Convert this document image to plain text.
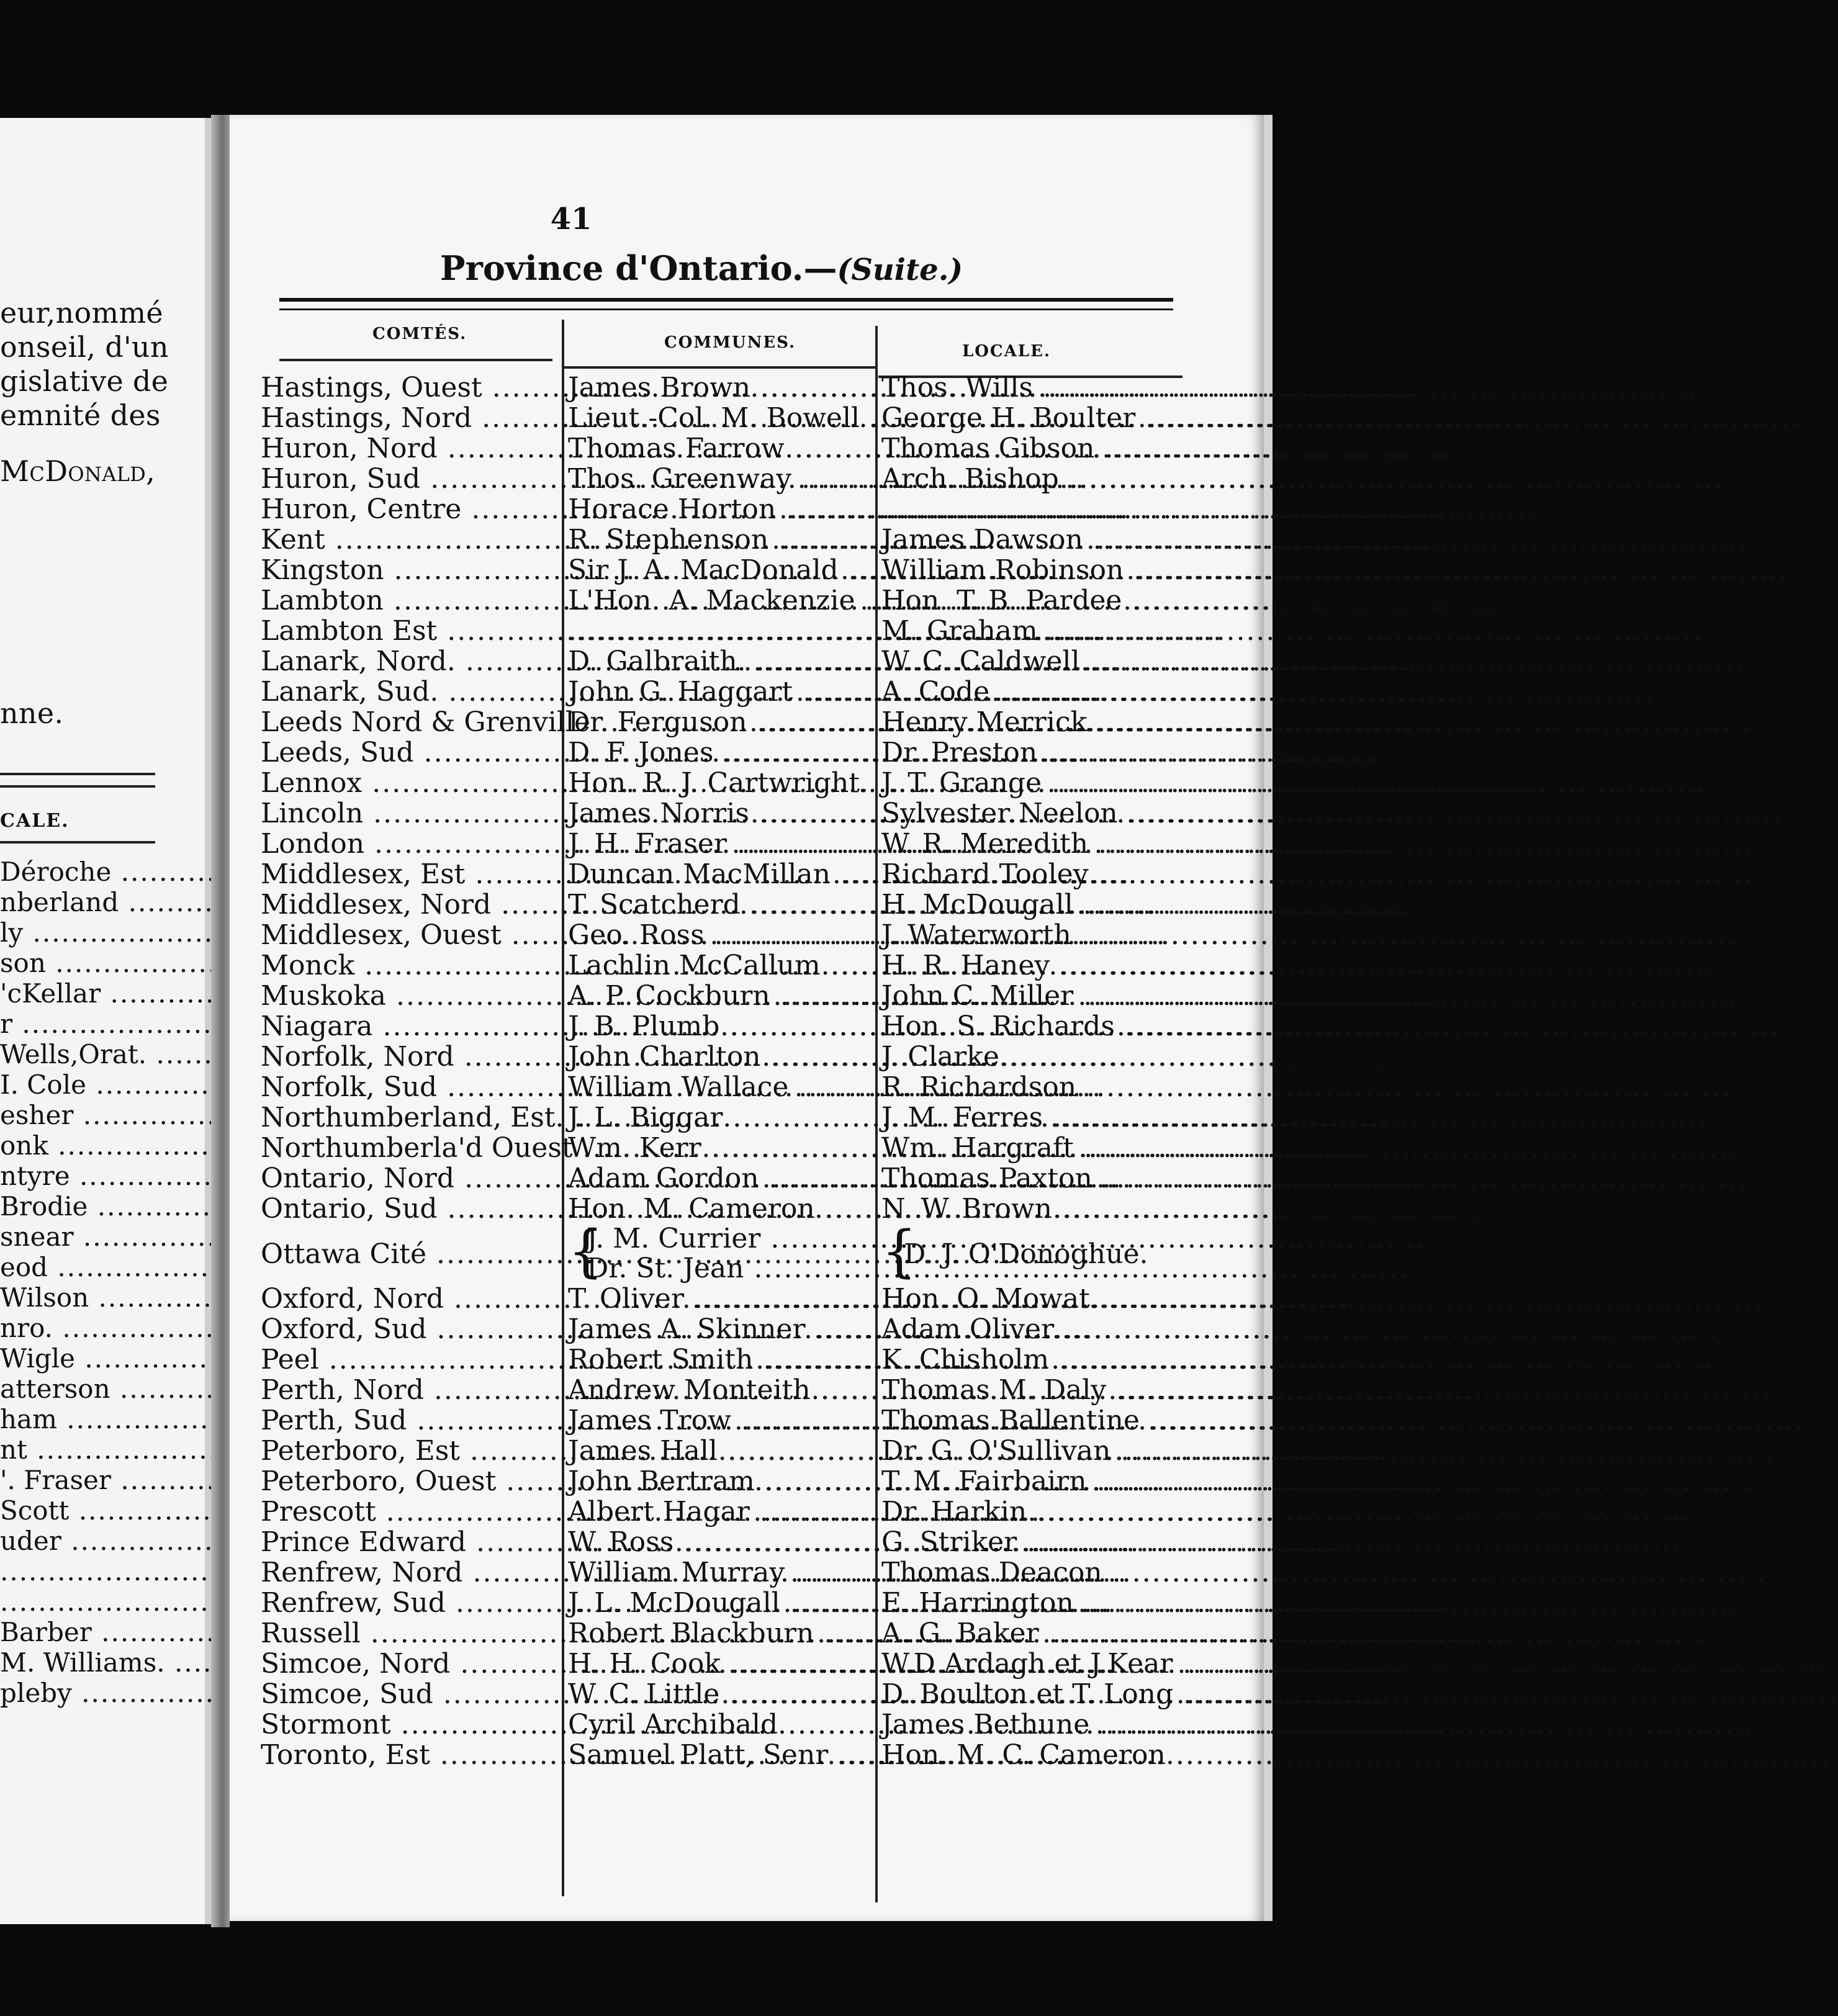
eur,nommé
onseil, d'un
gislative de
emnité des
McDonald,
nne.
CALE.
Déroche .....
nberland .....
ly .....
son .....
'cKellar .....
r .....
Wells,Orat. .....
I. Cole .....
esher .....
onk .....
ntyre .....
Brodie .....
snear .....
eod .....
Wilson .....
nro. .....
Wigle .....
atterson .....
ham .....
nt .....
'. Fraser .....
Scott .....
uder .....
.....
.....
Barber .....
M. Williams. .....
pleby .....
41
Province d'Ontario.—(Suite.)
COMTÉS.	COMMUNES.	LOCALE.
Hastings, Ouest .....	James Brown .....	Thos. Wills .....
Hastings, Nord .....	Lieut.-Col. M. Bowell ..... George H. Boulter .....
Huron, Nord .....	Thomas Farrow .....	Thomas Gibson .....
Huron, Sud .....	Thos. Greenway .....	Arch. Bishop .....
Huron, Centre .....	Horace Horton .....
.....
Kent .....	R. Stephenson .....	James Dawson .....
Kingston .....	Sir J. A. MacDonald .....	William Robinson .....
Lambton .....	L'Hon. A. Mackenzie ..... Hon. T. B. Pardee .....
Lambton Est .....
.....	M. Graham .....
Lanark, Nord. .....	D. Galbraith. .....	W. C. Caldwell .....
Lanark, Sud. .....	John G. Haggart .....	A. Code .....
Leeds Nord & Grenville .....
Dr. Ferguson .....	Henry Merrick .....
Leeds, Sud .....	D. F. Jones .....	Dr. Preston .....
Lennox .....	Hon. R. J. Cartwright. ..... J. T. Grange .....
Lincoln .....	James Norris .....	Sylvester Neelon .....
London .....	J. H. Fraser .....	W. R. Meredith .....
Middlesex, Est .....	Duncan MacMillan .....	Richard Tooley .....
Middlesex, Nord .....	T. Scatcherd .....	H. McDougall .....
Middlesex, Ouest .....	Geo. Ross .....	J. Waterworth .....
Monck .....	Lachlin McCallum .....	H. R. Haney .....
Muskoka .....	A. P. Cockburn .....	John C. Miller .....
Niagara .....	J. B. Plumb .....	Hon. S. Richards .....
Norfolk, Nord .....	John Charlton .....	J. Clarke .....
Norfolk, Sud .....	William Wallace .....	R. Richardson .....
Northumberland, Est. ..... J. L. Biggar .....	J. M. Ferres .....
Northumberla'd Ouest .....
Wm. Kerr .....	Wm. Hargraft .....
Ontario, Nord .....	Adam Gordon .....	Thomas Paxton .....
Ontario, Sud .....	Hon. M. Cameron .....	N. W. Brown .....
Ottawa Cité .....	{
J. M. Currier .....
Dr. St. Jean .....	{
D. J. O'Donoghue.
Oxford, Nord .....	T. Oliver .....	Hon. O. Mowat. .....
Oxford, Sud .....	James A. Skinner .....	Adam Oliver .....
Peel .....	Robert Smith .....	K. Chisholm .....
Perth, Nord .....	Andrew Monteith .....	Thomas M. Daly .....
Perth, Sud .....	James Trow .....	Thomas Ballentine .....
Peterboro, Est .....	James Hall .....	Dr. G. O'Sullivan .....
Peterboro, Ouest .....	John Bertram .....	T. M. Fairbairn .....
Prescott .....	Albert Hagar .....	Dr. Harkin .....
Prince Edward .....	W. Ross .....	G. Striker .....
Renfrew, Nord .....	William Murray .....	Thomas Deacon .....
Renfrew, Sud .....	J. L. McDougall .....	E. Harrington .....
Russell .....	Robert Blackburn .....	A. G. Baker .....
Simcoe, Nord .....	H. H. Cook .....	W.D Ardagh et J.Kear .....
Simcoe, Sud .....	W. C. Little .....	D. Boulton et T. Long .....
Stormont .....	Cyril Archibald .....	James Bethune .....
Toronto, Est .....	Samuel Platt, Senr .....	Hon. M. C. Cameron .....
